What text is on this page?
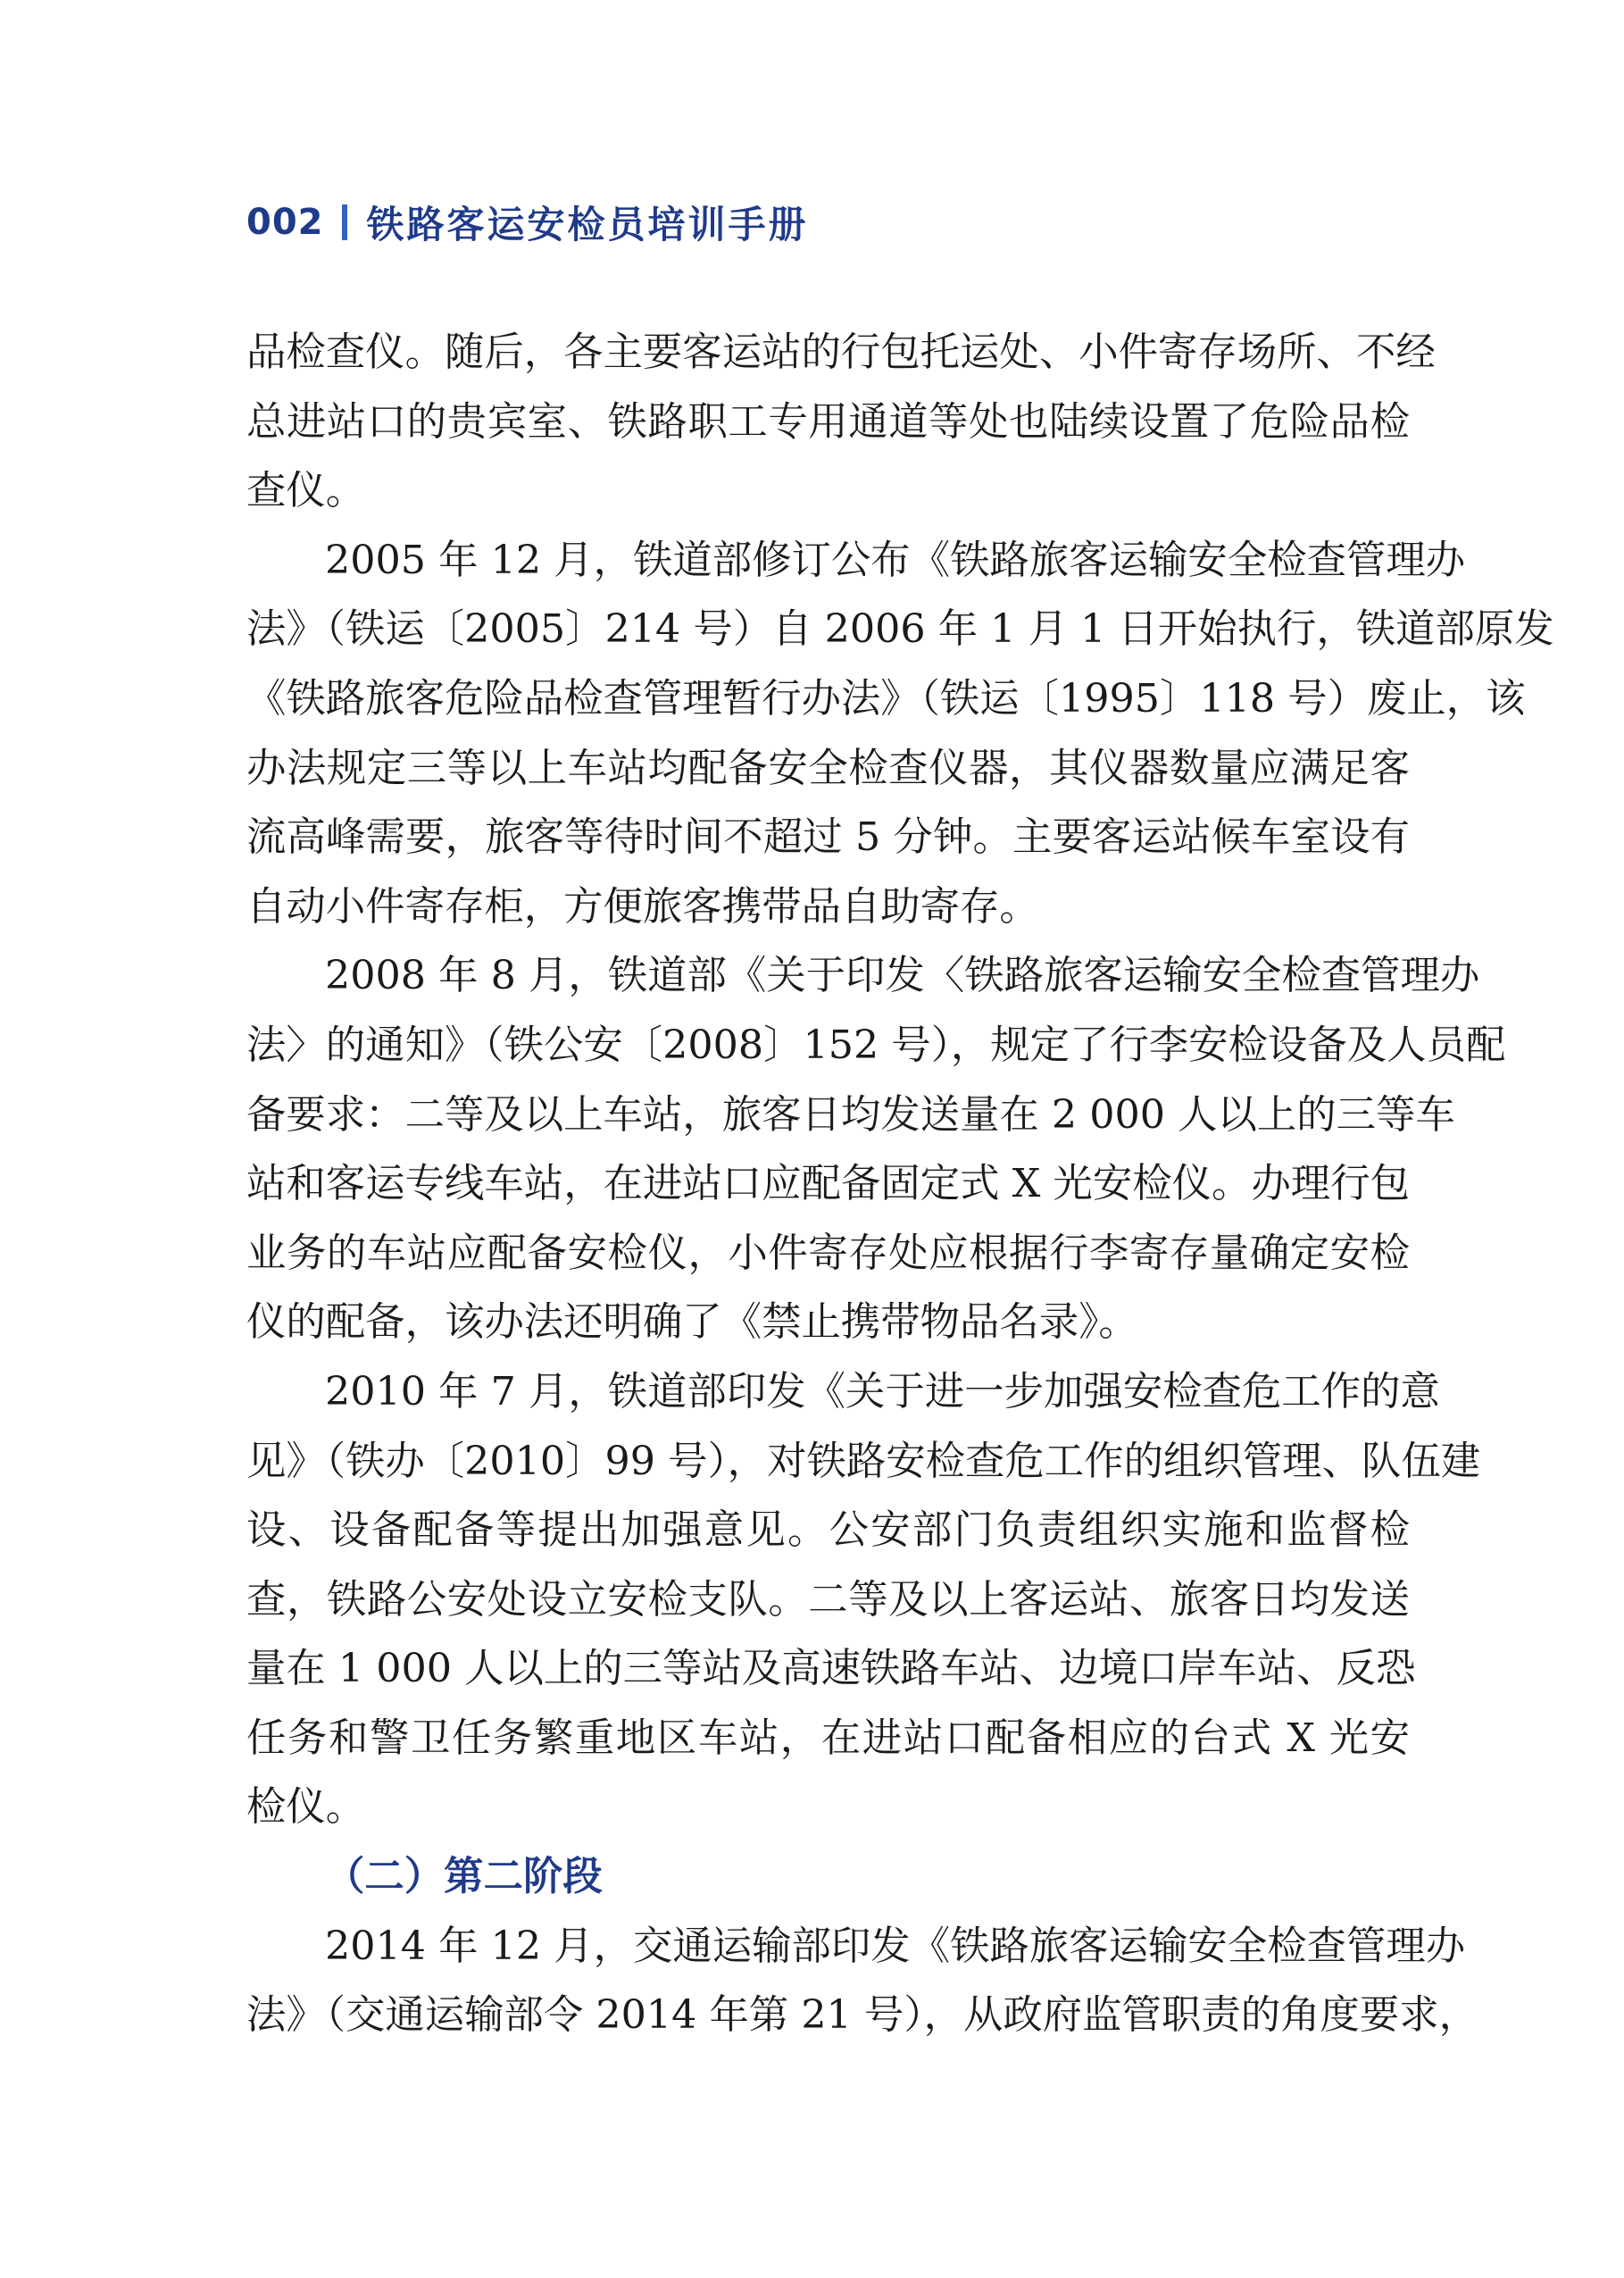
002 铁路客运安检员培训手册
品检查仪。随后，各主要客运站的行包托运处、小件寄存场所、不经
总进站口的贵宾室、铁路职工专用通道等处也陆续设置了危险品检
查仪。
2005 年 12 月，铁道部修订公布《铁路旅客运输安全检查管理办
法》（铁运〔2005〕214 号）自 2006 年 1 月 1 日开始执行，铁道部原发
《铁路旅客危险品检查管理暂行办法》（铁运〔1995〕118 号）废止，该
办法规定三等以上车站均配备安全检查仪器，其仪器数量应满足客
流高峰需要，旅客等待时间不超过 5 分钟。主要客运站候车室设有
自动小件寄存柜，方便旅客携带品自助寄存。
2008 年 8 月，铁道部《关于印发〈铁路旅客运输安全检查管理办
法〉的通知》（铁公安〔2008〕152 号），规定了行李安检设备及人员配
备要求：二等及以上车站，旅客日均发送量在 2 000 人以上的三等车
站和客运专线车站，在进站口应配备固定式 X 光安检仪。办理行包
业务的车站应配备安检仪，小件寄存处应根据行李寄存量确定安检
仪的配备，该办法还明确了《禁止携带物品名录》。
2010 年 7 月，铁道部印发《关于进一步加强安检查危工作的意
见》（铁办〔2010〕99 号），对铁路安检查危工作的组织管理、队伍建
设、设备配备等提出加强意见。公安部门负责组织实施和监督检
查，铁路公安处设立安检支队。二等及以上客运站、旅客日均发送
量在 1 000 人以上的三等站及高速铁路车站、边境口岸车站、反恐
任务和警卫任务繁重地区车站，在进站口配备相应的台式 X 光安
检仪。
（二）第二阶段
2014 年 12 月，交通运输部印发《铁路旅客运输安全检查管理办
法》（交通运输部令 2014 年第 21 号），从政府监管职责的角度要求，
